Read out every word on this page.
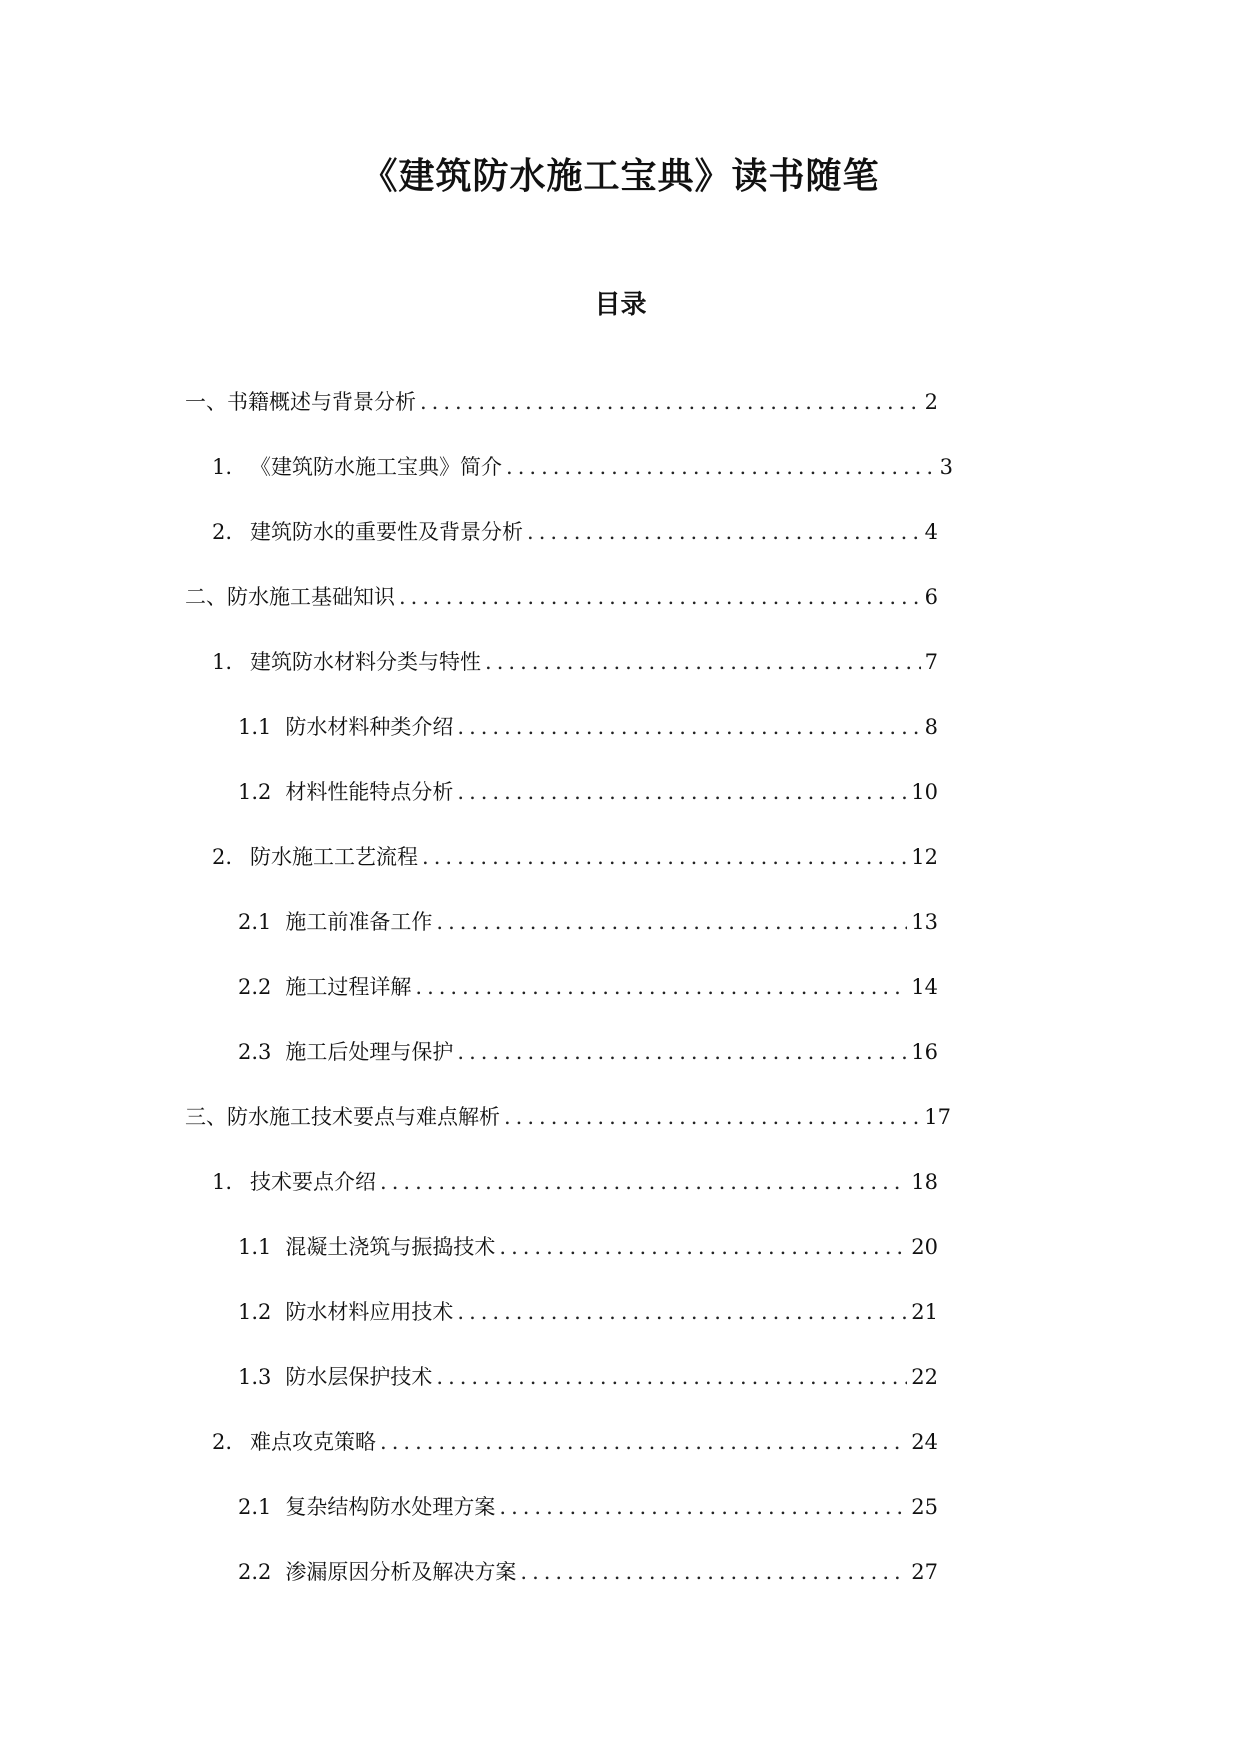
《建筑防水施工宝典》读书随笔
目录
一、 书籍概述与背景分析 .....	2
1. 《建筑防水施工宝典》简介 .....	3
2. 建筑防水的重要性及背景分析 .....	4
二、 防水施工基础知识 .....	6
1. 建筑防水材料分类与特性 .....	7
1.1 防水材料种类介绍 .....	8
1.2 材料性能特点分析 .....	10
2. 防水施工工艺流程 .....	12
2.1 施工前准备工作 .....	13
2.2 施工过程详解 .....	14
2.3 施工后处理与保护 .....	16
三、 防水施工技术要点与难点解析 .....	17
1. 技术要点介绍 .....	18
1.1 混凝土浇筑与振捣技术 .....	20
1.2 防水材料应用技术 .....	21
1.3 防水层保护技术 .....	22
2. 难点攻克策略 .....	24
2.1 复杂结构防水处理方案 .....	25
2.2 渗漏原因分析及解决方案 .....	27
